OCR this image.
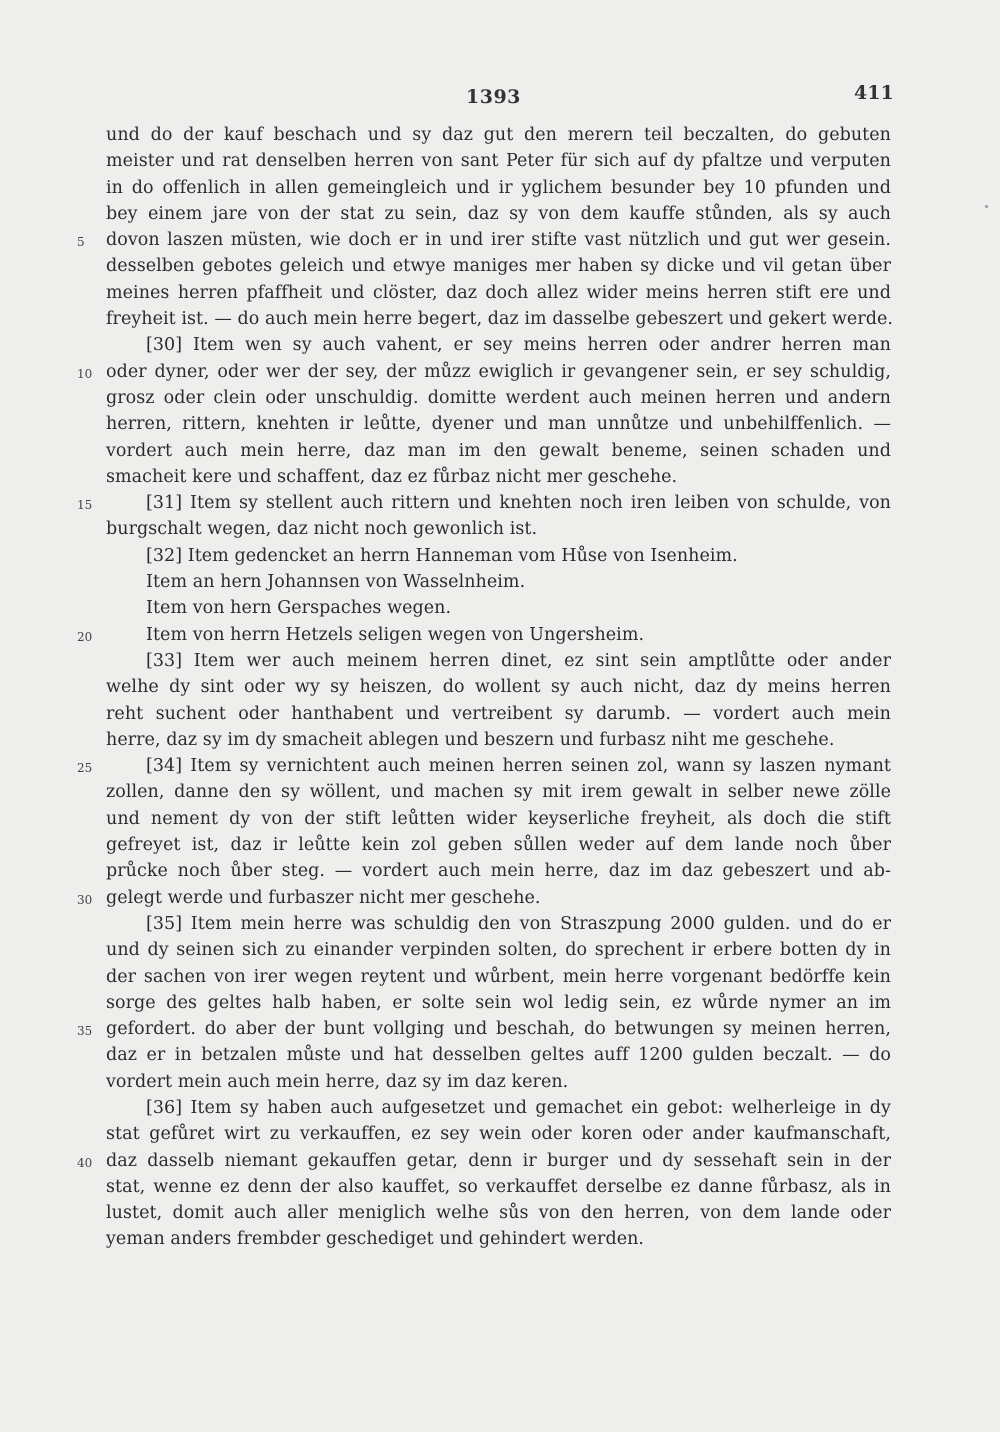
1393	411
und do der kauf beschach und sy daz gut den merern teil beczalten, do gebuten
meister und rat denselben herren von sant Peter für sich auf dy pfaltze und verputen
in do offenlich in allen gemeingleich und ir yglichem besunder bey 10 pfunden und
bey einem jare von der stat zu sein, daz sy von dem kauffe stůnden, als sy auch
dovon laszen müsten, wie doch er in und irer stifte vast nützlich und gut wer gesein.
desselben gebotes geleich und etwye maniges mer haben sy dicke und vil getan über
meines herren pfaffheit und clöster, daz doch allez wider meins herren stift ere und
freyheit ist. — do auch mein herre begert, daz im dasselbe gebeszert und gekert werde.
[30] Item wen sy auch vahent, er sey meins herren oder andrer herren man
oder dyner, oder wer der sey, der můzz ewiglich ir gevangener sein, er sey schuldig,
grosz oder clein oder unschuldig. domitte werdent auch meinen herren und andern
herren, rittern, knehten ir leůtte, dyener und man unnůtze und unbehilffenlich. —
vordert auch mein herre, daz man im den gewalt beneme, seinen schaden und
smacheit kere und schaffent, daz ez fůrbaz nicht mer geschehe.
[31] Item sy stellent auch rittern und knehten noch iren leiben von schulde, von
burgschalt wegen, daz nicht noch gewonlich ist.
[32] Item gedencket an herrn Hanneman vom Hůse von Isenheim.
Item an hern Johannsen von Wasselnheim.
Item von hern Gerspaches wegen.
Item von herrn Hetzels seligen wegen von Ungersheim.
[33] Item wer auch meinem herren dinet, ez sint sein amptlůtte oder ander
welhe dy sint oder wy sy heiszen, do wollent sy auch nicht, daz dy meins herren
reht suchent oder hanthabent und vertreibent sy darumb. — vordert auch mein
herre, daz sy im dy smacheit ablegen und beszern und furbasz niht me geschehe.
[34] Item sy vernichtent auch meinen herren seinen zol, wann sy laszen nymant
zollen, danne den sy wöllent, und machen sy mit irem gewalt in selber newe zölle
und nement dy von der stift leůtten wider keyserliche freyheit, als doch die stift
gefreyet ist, daz ir leůtte kein zol geben sůllen weder auf dem lande noch ůber
průcke noch ůber steg. — vordert auch mein herre, daz im daz gebeszert und ab-
gelegt werde und furbaszer nicht mer geschehe.
[35] Item mein herre was schuldig den von Straszpung 2000 gulden. und do er
und dy seinen sich zu einander verpinden solten, do sprechent ir erbere botten dy in
der sachen von irer wegen reytent und wůrbent, mein herre vorgenant bedörffe kein
sorge des geltes halb haben, er solte sein wol ledig sein, ez wůrde nymer an im
gefordert. do aber der bunt vollging und beschah, do betwungen sy meinen herren,
daz er in betzalen můste und hat desselben geltes auff 1200 gulden beczalt. — do
vordert mein auch mein herre, daz sy im daz keren.
[36] Item sy haben auch aufgesetzet und gemachet ein gebot: welherleige in dy
stat gefůret wirt zu verkauffen, ez sey wein oder koren oder ander kaufmanschaft,
daz dasselb niemant gekauffen getar, denn ir burger und dy sessehaft sein in der
stat, wenne ez denn der also kauffet, so verkauffet derselbe ez danne fůrbasz, als in
lustet, domit auch aller meniglich welhe sůs von den herren, von dem lande oder
yeman anders frembder geschediget und gehindert werden.
5
10
15
20
25
30
35
40
